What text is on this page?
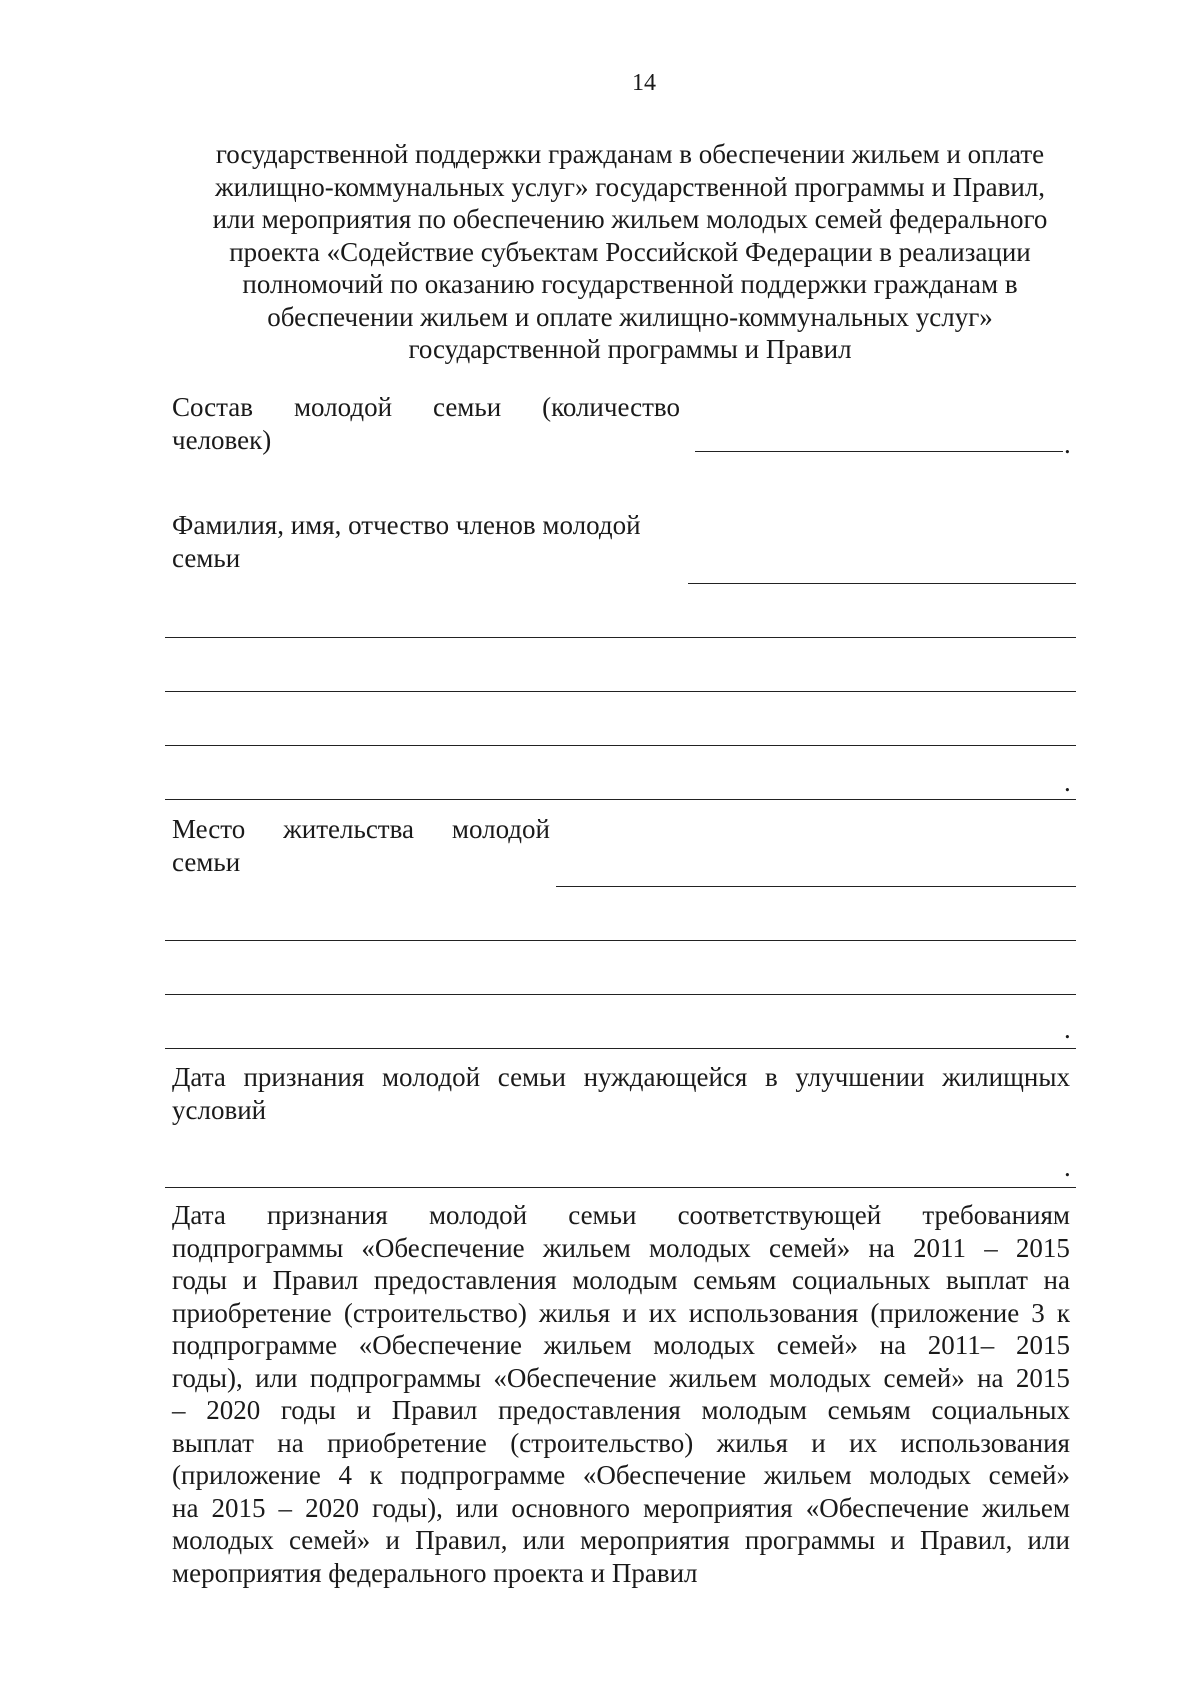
14
государственной поддержки гражданам в обеспечении жильем и оплате
жилищно-коммунальных услуг» государственной программы и Правил,
или мероприятия по обеспечению жильем молодых семей федерального
проекта «Содействие субъектам Российской Федерации в реализации
полномочий по оказанию государственной поддержки гражданам в
обеспечении жильем и оплате жилищно-коммунальных услуг»
государственной программы и Правил
Состав молодой семьи (количество
человек)	.
Фамилия, имя, отчество членов молодой
семьи
.
Место жительства молодой
семьи
.
Дата признания молодой семьи нуждающейся в улучшении жилищных
условий
.
Дата признания молодой семьи соответствующей требованиям
подпрограммы «Обеспечение жильем молодых семей» на 2011 – 2015
годы и Правил предоставления молодым семьям социальных выплат на
приобретение (строительство) жилья и их использования (приложение 3 к
подпрограмме «Обеспечение жильем молодых семей» на 2011– 2015
годы), или подпрограммы «Обеспечение жильем молодых семей» на 2015
– 2020 годы и Правил предоставления молодым семьям социальных
выплат на приобретение (строительство) жилья и их использования
(приложение 4 к подпрограмме «Обеспечение жильем молодых семей»
на 2015 – 2020 годы), или основного мероприятия «Обеспечение жильем
молодых семей» и Правил, или мероприятия программы и Правил, или
мероприятия федерального проекта и Правил
